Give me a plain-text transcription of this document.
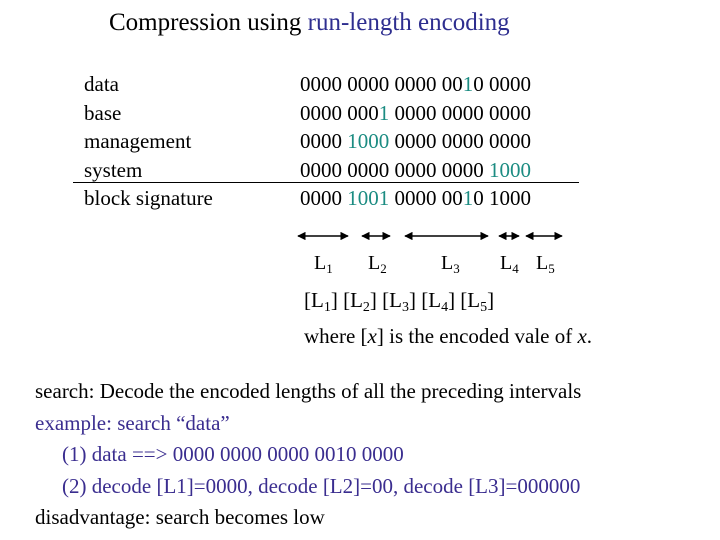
Compression using run-length encoding
data
base
management
system
block signature
0000 0000 0000 0010 0000
0000 0001 0000 0000 0000
0000 1000 0000 0000 0000
0000 0000 0000 0000 1000
0000 1001 0000 0010 1000
$L_1$ $L_2$	$L_3$ $L_4$ $L_5$
$[L_1]$ $[L_2]$ $[L_3]$ $[L_4]$ $[L_5]$
where [x] is the encoded vale of x.
search: Decode the encoded lengths of all the preceding intervals
example: search “data”
(1) data ==> 0000 0000 0000 0010 0000
(2) decode [L1]=0000, decode [L2]=00, decode [L3]=000000
disadvantage: search becomes low
